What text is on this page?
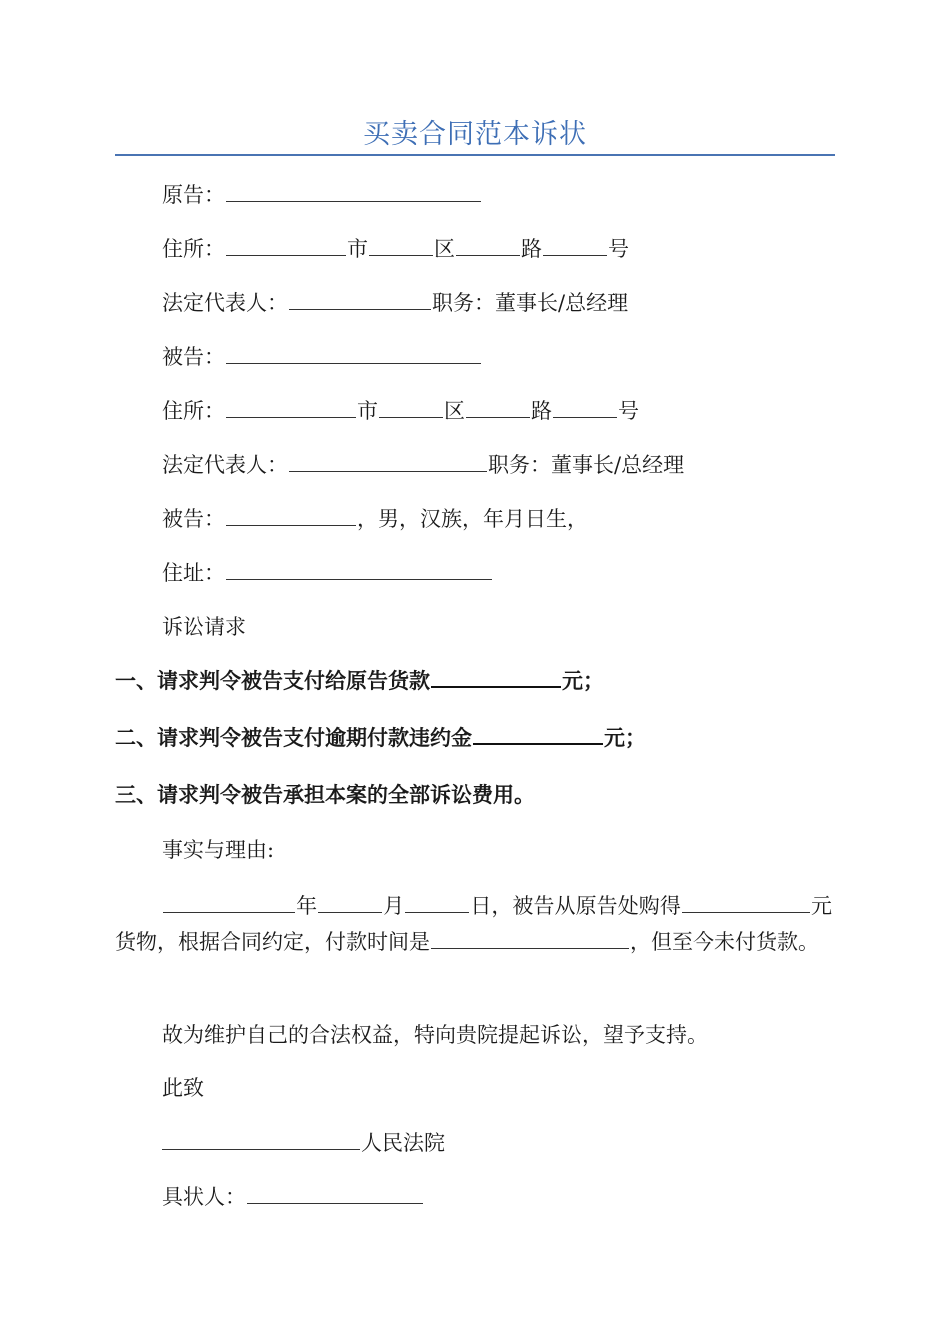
买卖合同范本诉状
原告：
住所：	市	区	路	号
法定代表人：	职务：董事长/总经理
被告：
住所：	市	区	路	号
法定代表人：	职务：董事长/总经理
被告：	，男，汉族，年月日生，
住址：
诉讼请求
一、请求判令被告支付给原告货款	元；
二、请求判令被告支付逾期付款违约金	元；
三、请求判令被告承担本案的全部诉讼费用。
事实与理由:
年	月	日，被告从原告处购得	元货物，根据合同约定，付款时间是	，但至今未付货款。
故为维护自己的合法权益，特向贵院提起诉讼，望予支持。
此致
人民法院
具状人：
